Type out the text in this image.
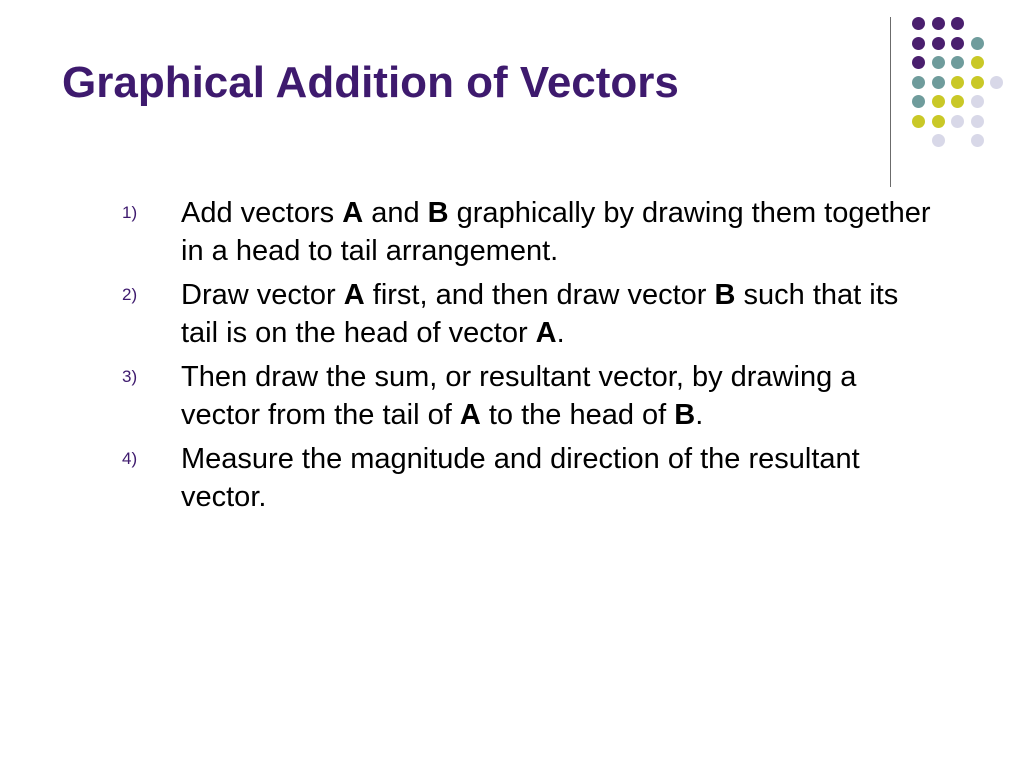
Graphical Addition of Vectors
1) Add vectors A and B graphically by drawing them together in a head to tail arrangement.
2) Draw vector A first, and then draw vector B such that its tail is on the head of vector A.
3) Then draw the sum, or resultant vector, by drawing a vector from the tail of A to the head of B.
4) Measure the magnitude and direction of the resultant vector.
